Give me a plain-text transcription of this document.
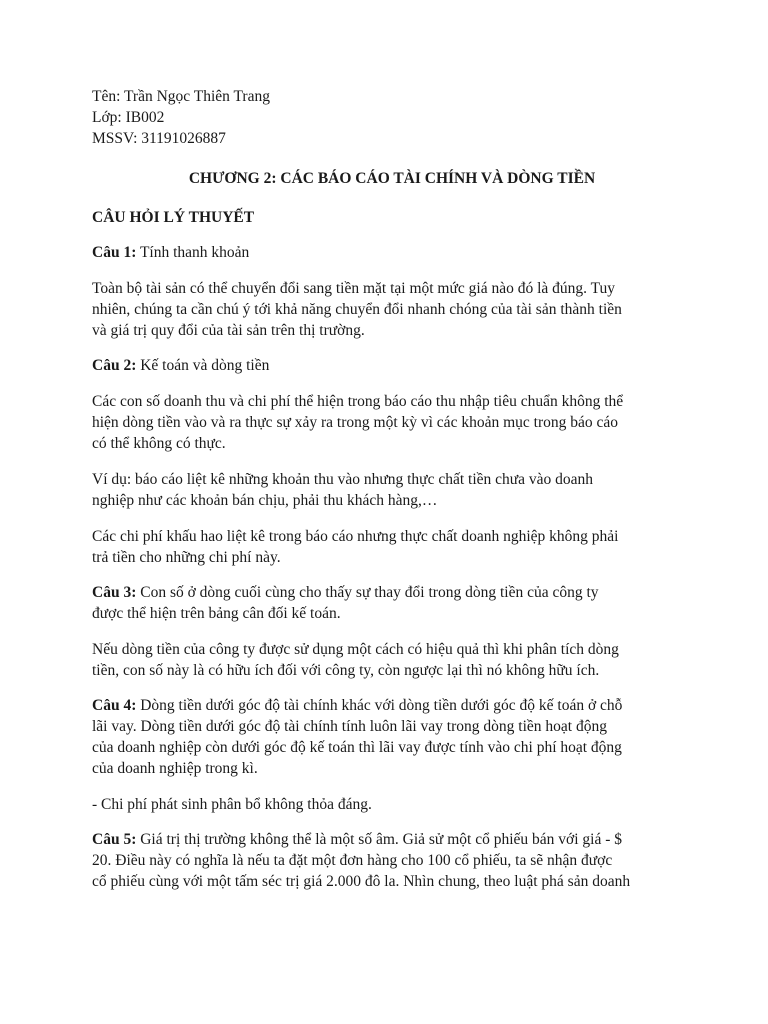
Tên: Trần Ngọc Thiên Trang
Lớp: IB002
MSSV: 31191026887
CHƯƠNG 2: CÁC BÁO CÁO TÀI CHÍNH VÀ DÒNG TIỀN
CÂU HỎI LÝ THUYẾT

Câu 1: Tính thanh khoản

Toàn bộ tài sản có thể chuyển đổi sang tiền mặt tại một mức giá nào đó là đúng. Tuy
nhiên, chúng ta cần chú ý tới khả năng chuyển đổi nhanh chóng của tài sản thành tiền
và giá trị quy đổi của tài sản trên thị trường.

Câu 2: Kế toán và dòng tiền

Các con số doanh thu và chi phí thể hiện trong báo cáo thu nhập tiêu chuẩn không thể
hiện dòng tiền vào và ra thực sự xảy ra trong một kỳ vì các khoản mục trong báo cáo
có thể không có thực.

Ví dụ: báo cáo liệt kê những khoản thu vào nhưng thực chất tiền chưa vào doanh
nghiệp như các khoản bán chịu, phải thu khách hàng,…

Các chi phí khấu hao liệt kê trong báo cáo nhưng thực chất doanh nghiệp không phải
trả tiền cho những chi phí này.

Câu 3: Con số ở dòng cuối cùng cho thấy sự thay đổi trong dòng tiền của công ty
được thể hiện trên bảng cân đối kế toán.

Nếu dòng tiền của công ty được sử dụng một cách có hiệu quả thì khi phân tích dòng
tiền, con số này là có hữu ích đối với công ty, còn ngược lại thì nó không hữu ích.

Câu 4: Dòng tiền dưới góc độ tài chính khác với dòng tiền dưới góc độ kế toán ở chỗ
lãi vay. Dòng tiền dưới góc độ tài chính tính luôn lãi vay trong dòng tiền hoạt động
của doanh nghiệp còn dưới góc độ kế toán thì lãi vay được tính vào chi phí hoạt động
của doanh nghiệp trong kì.

- Chi phí phát sinh phân bổ không thỏa đáng.

Câu 5: Giá trị thị trường không thể là một số âm. Giả sử một cổ phiếu bán với giá - $
20. Điều này có nghĩa là nếu ta đặt một đơn hàng cho 100 cổ phiếu, ta sẽ nhận được
cổ phiếu cùng với một tấm séc trị giá 2.000 đô la. Nhìn chung, theo luật phá sản doanh
